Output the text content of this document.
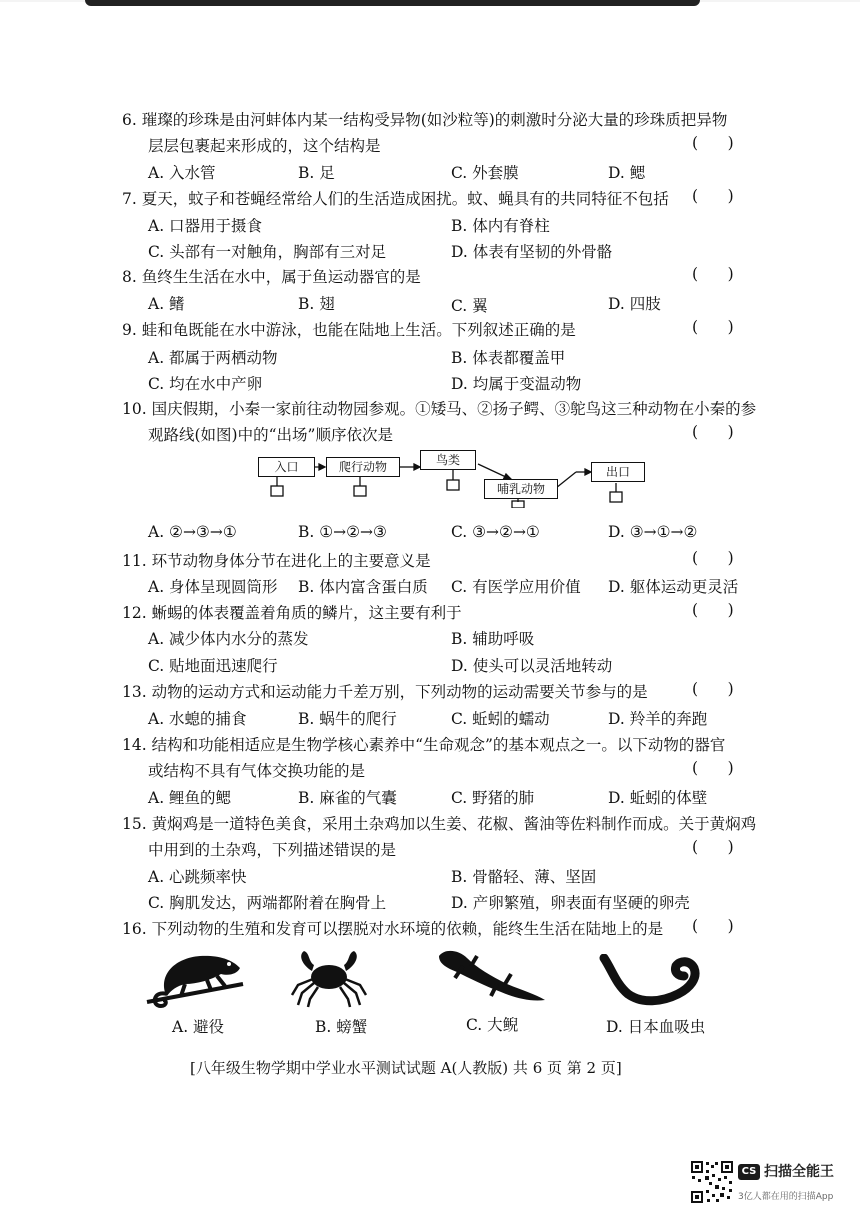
6. 璀璨的珍珠是由河蚌体内某一结构受异物(如沙粒等)的刺激时分泌大量的珍珠质把异物
层层包裹起来形成的，这个结构是	(      )
A. 入水管	B. 足	C. 外套膜	D. 鳃
7. 夏天，蚊子和苍蝇经常给人们的生活造成困扰。蚊、蝇具有的共同特征不包括 (      )
A. 口器用于摄食	B. 体内有脊柱
C. 头部有一对触角，胸部有三对足	D. 体表有坚韧的外骨骼
8. 鱼终生生活在水中，属于鱼运动器官的是	(      )
A. 鳍	B. 翅	C. 翼	D. 四肢
9. 蛙和龟既能在水中游泳，也能在陆地上生活。下列叙述正确的是	(      )
A. 都属于两栖动物	B. 体表都覆盖甲
C. 均在水中产卵	D. 均属于变温动物
10. 国庆假期，小秦一家前往动物园参观。①矮马、②扬子鳄、③鸵鸟这三种动物在小秦的参
观路线(如图)中的“出场”顺序依次是	(      )
入口	爬行动物	鸟类
哺乳动物
出口
A. ②→③→①	B. ①→②→③	C. ③→②→①	D. ③→①→②
11. 环节动物身体分节在进化上的主要意义是	(      )
A. 身体呈现圆筒形 B. 体内富含蛋白质 C. 有医学应用价值 D. 躯体运动更灵活
12. 蜥蜴的体表覆盖着角质的鳞片，这主要有利于	(      )
A. 减少体内水分的蒸发	B. 辅助呼吸
C. 贴地面迅速爬行	D. 使头可以灵活地转动
13. 动物的运动方式和运动能力千差万别，下列动物的运动需要关节参与的是	(      )
A. 水螅的捕食	B. 蜗牛的爬行	C. 蚯蚓的蠕动	D. 羚羊的奔跑
14. 结构和功能相适应是生物学核心素养中“生命观念”的基本观点之一。以下动物的器官
或结构不具有气体交换功能的是	(      )
A. 鲤鱼的鳃	B. 麻雀的气囊	C. 野猪的肺	D. 蚯蚓的体壁
15. 黄焖鸡是一道特色美食，采用土杂鸡加以生姜、花椒、酱油等佐料制作而成。关于黄焖鸡
中用到的土杂鸡，下列描述错误的是	(      )
A. 心跳频率快	B. 骨骼轻、薄、坚固
C. 胸肌发达，两端都附着在胸骨上	D. 产卵繁殖，卵表面有坚硬的卵壳
16. 下列动物的生殖和发育可以摆脱对水环境的依赖，能终生生活在陆地上的是 (      )
A. 避役	B. 螃蟹	C. 大鲵	D. 日本血吸虫
[八年级生物学期中学业水平测试试题 A(人教版) 共 6 页 第 2 页]
CS 扫描全能王
3亿人都在用的扫描App
